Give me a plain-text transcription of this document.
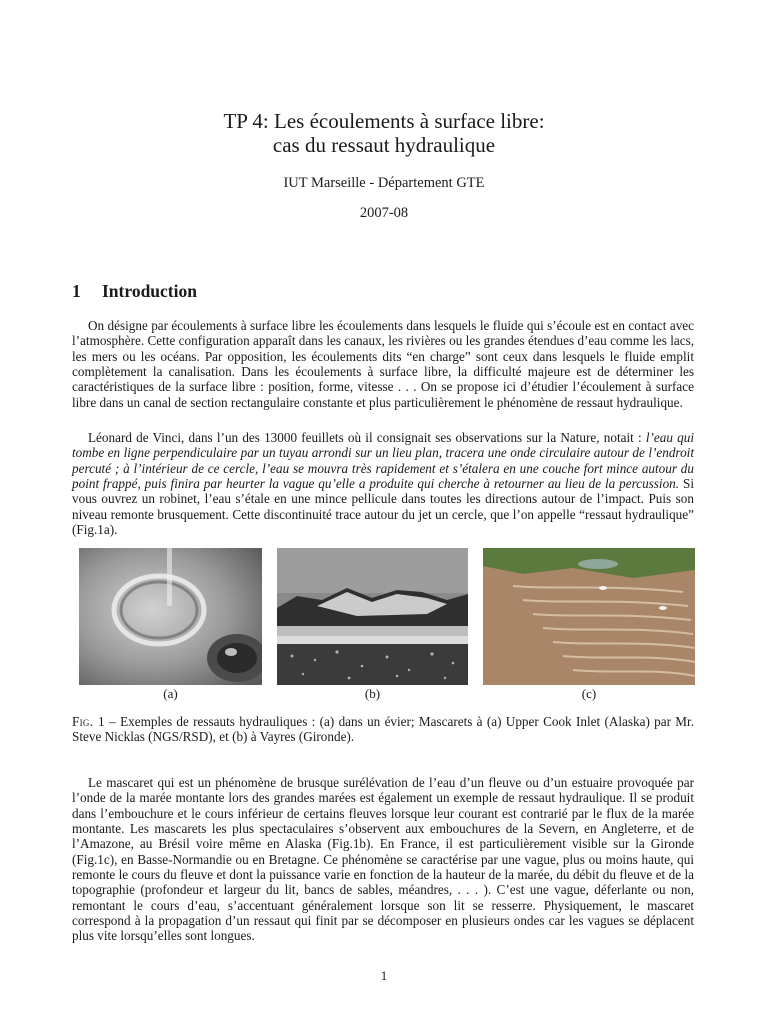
TP 4: Les écoulements à surface libre:
cas du ressaut hydraulique
IUT Marseille - Département GTE
2007-08
1 Introduction

On désigne par écoulements à surface libre les écoulements dans lesquels le fluide qui s’écoule est en contact avec l’atmosphère. Cette configuration apparaît dans les canaux, les rivières ou les grandes étendues d’eau comme les lacs, les mers ou les océans. Par opposition, les écoulements dits “en charge” sont ceux dans lesquels le fluide emplit complètement la canalisation. Dans les écoulements à surface libre, la difficulté majeure est de déterminer les caractéristiques de la surface libre : position, forme, vitesse . . . On se propose ici d’étudier l’écoulement à surface libre dans un canal de section rectangulaire constante et plus particulièrement le phénomène de ressaut hydraulique.

Léonard de Vinci, dans l’un des 13000 feuillets où il consignait ses observations sur la Nature, notait : l’eau qui tombe en ligne perpendiculaire par un tuyau arrondi sur un lieu plan, tracera une onde circulaire autour de l’endroit percuté ; à l’intérieur de ce cercle, l’eau se mouvra très rapidement et s’étalera en une couche fort mince autour du point frappé, puis finira par heurter la vague qu’elle a produite qui cherche à retourner au lieu de la percussion. Si vous ouvrez un robinet, l’eau s’étale en une mince pellicule dans toutes les directions autour de l’impact. Puis son niveau remonte brusquement. Cette discontinuité trace autour du jet un cercle, que l’on appelle “ressaut hydraulique” (Fig.1a).

(a)	(b)	(c)

Fig. 1 – Exemples de ressauts hydrauliques : (a) dans un évier; Mascarets à (a) Upper Cook Inlet (Alaska) par Mr. Steve Nicklas (NGS/RSD), et (b) à Vayres (Gironde).

Le mascaret qui est un phénomène de brusque surélévation de l’eau d’un fleuve ou d’un estuaire provoquée par l’onde de la marée montante lors des grandes marées est également un exemple de ressaut hydraulique. Il se produit dans l’embouchure et le cours inférieur de certains fleuves lorsque leur courant est contrarié par le flux de la marée montante. Les mascarets les plus spectaculaires s’observent aux embouchures de la Severn, en Angleterre, et de l’Amazone, au Brésil voire même en Alaska (Fig.1b). En France, il est particulièrement visible sur la Gironde (Fig.1c), en Basse-Normandie ou en Bretagne. Ce phénomène se caractérise par une vague, plus ou moins haute, qui remonte le cours du fleuve et dont la puissance varie en fonction de la hauteur de la marée, du débit du fleuve et de la topographie (profondeur et largeur du lit, bancs de sables, méandres, . . . ). C’est une vague, déferlante ou non, remontant le cours d’eau, s’accentuant généralement lorsque son lit se resserre. Physiquement, le mascaret correspond à la propagation d’un ressaut qui finit par se décomposer en plusieurs ondes car les vagues se déplacent plus vite lorsqu’elles sont longues.

1
